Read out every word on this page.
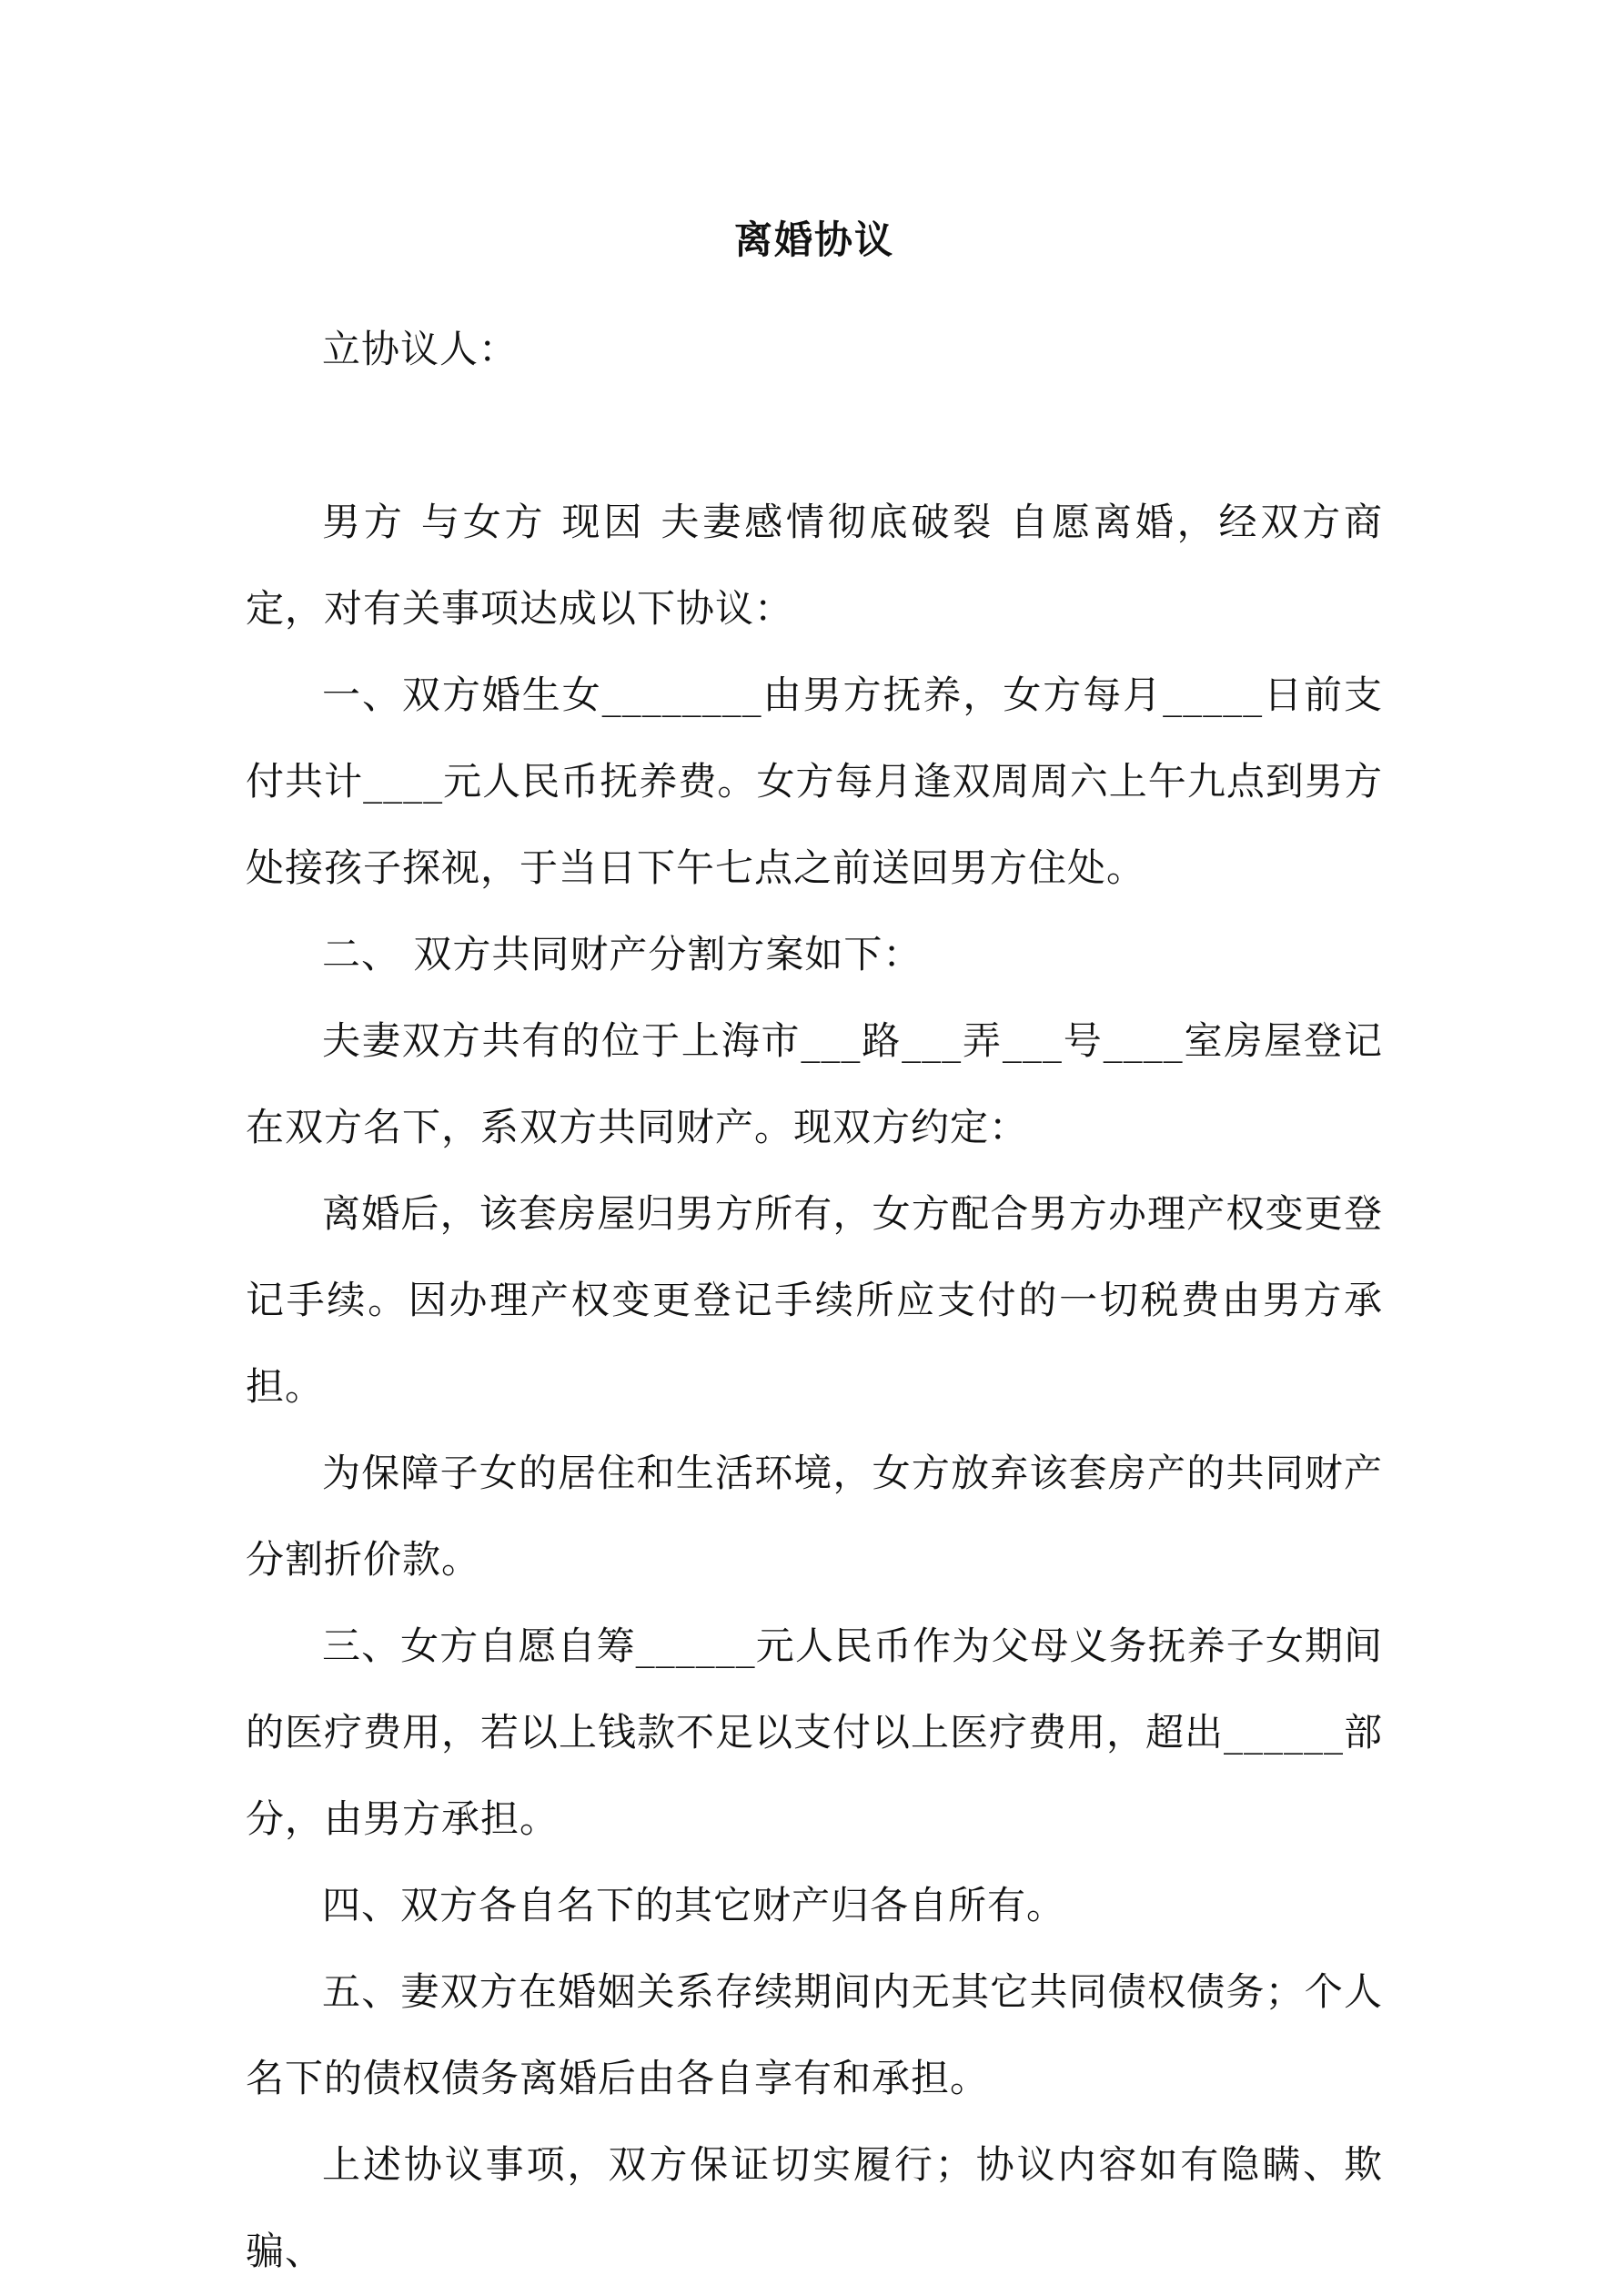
离婚协议

立协议人：

男方 与女方 现因 夫妻感情彻底破裂 自愿离婚，经双方商定，对有关事项达成以下协议：

一、双方婚生女________由男方抚养，女方每月_____日前支付共计____元人民币抚养费。女方每月逢双周周六上午九点到男方处接孩子探视，于当日下午七点之前送回男方住处。

二、 双方共同财产分割方案如下：

夫妻双方共有的位于上海市___路___弄___号____室房屋登记在双方名下，系双方共同财产。现双方约定：

离婚后，该套房屋归男方所有，女方配合男方办理产权变更登记手续。因办理产权变更登记手续所应支付的一切税费由男方承担。

为保障子女的居住和生活环境，女方放弃该套房产的共同财产分割折价款。

三、女方自愿自筹______元人民币作为父母义务抚养子女期间的医疗费用，若以上钱款不足以支付以上医疗费用，超出______部分，由男方承担。

四、双方各自名下的其它财产归各自所有。

五、妻双方在婚姻关系存续期间内无其它共同债权债务；个人名下的债权债务离婚后由各自享有和承担。

上述协议事项，双方保证切实履行；协议内容如有隐瞒、欺骗、
